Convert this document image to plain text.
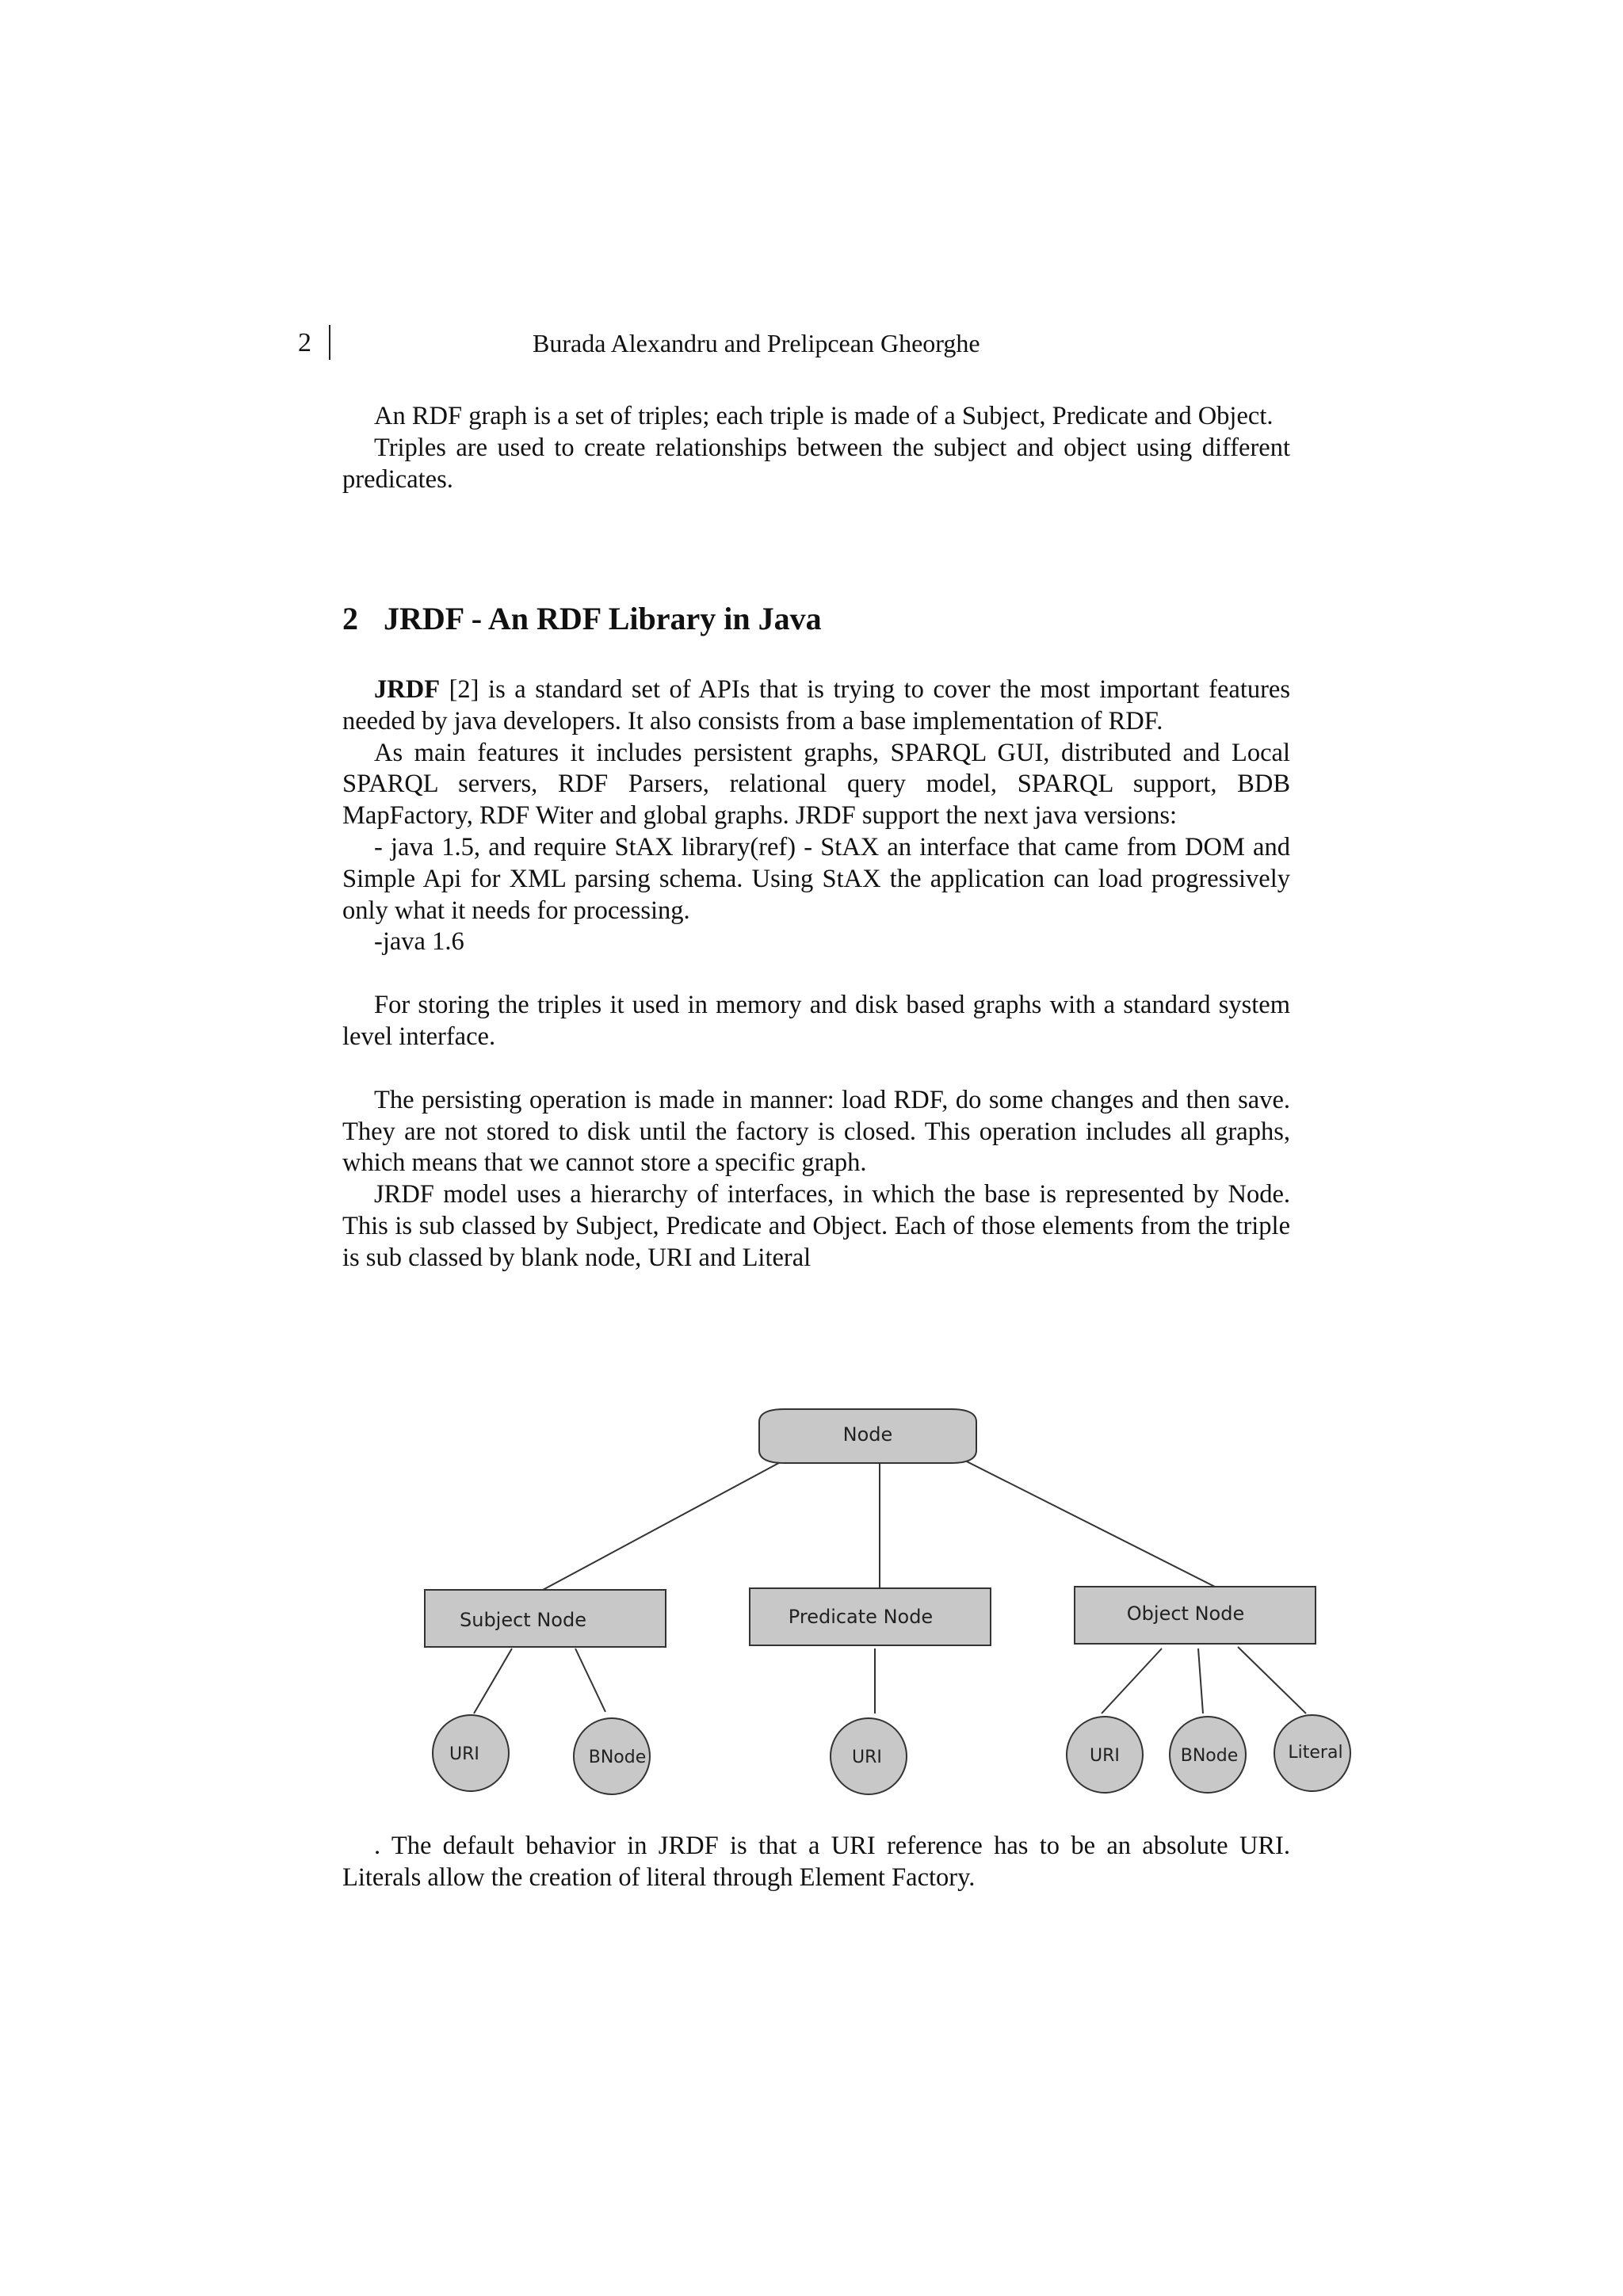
2	Burada Alexandru and Prelipcean Gheorghe

An RDF graph is a set of triples; each triple is made of a Subject, Predicate and Object.

Triples are used to create relationships between the subject and object using different predicates.

2 JRDF - An RDF Library in Java

JRDF [2] is a standard set of APIs that is trying to cover the most important features needed by java developers. It also consists from a base implementation of RDF.

As main features it includes persistent graphs, SPARQL GUI, distributed and Local SPARQL servers, RDF Parsers, relational query model, SPARQL support, BDB MapFactory, RDF Witer and global graphs. JRDF support the next java versions:

- java 1.5, and require StAX library(ref) - StAX an interface that came from DOM and Simple Api for XML parsing schema. Using StAX the application can load progressively only what it needs for processing.

-java 1.6

For storing the triples it used in memory and disk based graphs with a standard system level interface.

The persisting operation is made in manner: load RDF, do some changes and then save. They are not stored to disk until the factory is closed. This operation includes all graphs, which means that we cannot store a specific graph.

JRDF model uses a hierarchy of interfaces, in which the base is represented by Node. This is sub classed by Subject, Predicate and Object. Each of those elements from the triple is sub classed by blank node, URI and Literal

Node
Subject Node	Predicate Node	Object Node
URI	BNode	URI	URI	BNode	Literal

. The default behavior in JRDF is that a URI reference has to be an absolute URI. Literals allow the creation of literal through Element Factory.
